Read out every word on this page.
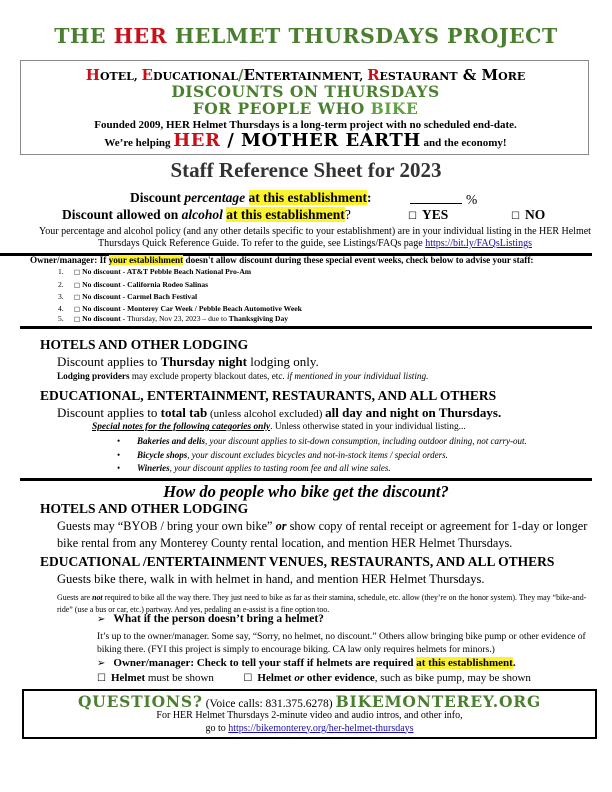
THE HER HELMET THURSDAYS PROJECT
HOTEL, EDUCATIONAL/ENTERTAINMENT, RESTAURANT & MORE
DISCOUNTS ON THURSDAYS
FOR PEOPLE WHO BIKE
Founded 2009, HER Helmet Thursdays is a long-term project with no scheduled end-date.
We’re helping HER / MOTHER EARTH and the economy!
Staff Reference Sheet for 2023
Discount percentage at this establishment:	%
Discount allowed on alcohol at this establishment?	☐ YES	☐ NO
Your percentage and alcohol policy (and any other details specific to your establishment) are in your individual listing in the HER Helmet Thursdays Quick Reference Guide. To refer to the guide, see Listings/FAQs page https://bit.ly/FAQsListings
Owner/manager: If your establishment doesn't allow discount during these special event weeks, check below to advise your staff:
1. □ No discount - AT&T Pebble Beach National Pro-Am
2. □ No discount - California Rodeo Salinas
3. □ No discount - Carmel Bach Festival
4. □ No discount - Monterey Car Week / Pebble Beach Automotive Week
5. □ No discount - Thursday, Nov 23, 2023 – due to Thanksgiving Day
HOTELS AND OTHER LODGING
Discount applies to Thursday night lodging only.
Lodging providers may exclude property blackout dates, etc. if mentioned in your individual listing.
EDUCATIONAL, ENTERTAINMENT, RESTAURANTS, AND ALL OTHERS
Discount applies to total tab (unless alcohol excluded) all day and night on Thursdays.
Special notes for the following categories only. Unless otherwise stated in your individual listing...
• Bakeries and delis, your discount applies to sit-down consumption, including outdoor dining, not carry-out.
• Bicycle shops, your discount excludes bicycles and not-in-stock items / special orders.
• Wineries, your discount applies to tasting room fee and all wine sales.
How do people who bike get the discount?
HOTELS AND OTHER LODGING
Guests may “BYOB / bring your own bike” or show copy of rental receipt or agreement for 1-day or longer bike rental from any Monterey County rental location, and mention HER Helmet Thursdays.
EDUCATIONAL /ENTERTAINMENT VENUES, RESTAURANTS, AND ALL OTHERS
Guests bike there, walk in with helmet in hand, and mention HER Helmet Thursdays.
Guests are not required to bike all the way there. They just need to bike as far as their stamina, schedule, etc. allow (they’re on the honor system). They may “bike-and-ride” (use a bus or car, etc.) partway. And yes, pedaling an e-assist is a fine option too.
➢ What if the person doesn’t bring a helmet?
It’s up to the owner/manager. Some say, “Sorry, no helmet, no discount.” Others allow bringing bike pump or other evidence of biking there. (FYI this project is simply to encourage biking. CA law only requires helmets for minors.)
➢ Owner/manager: Check to tell your staff if helmets are required at this establishment.
☐ Helmet must be shown	☐ Helmet or other evidence, such as bike pump, may be shown
QUESTIONS? (Voice calls: 831.375.6278) BIKEMONTEREY.ORG
For HER Helmet Thursdays 2-minute video and audio intros, and other info,
go to https://bikemonterey.org/her-helmet-thursdays
